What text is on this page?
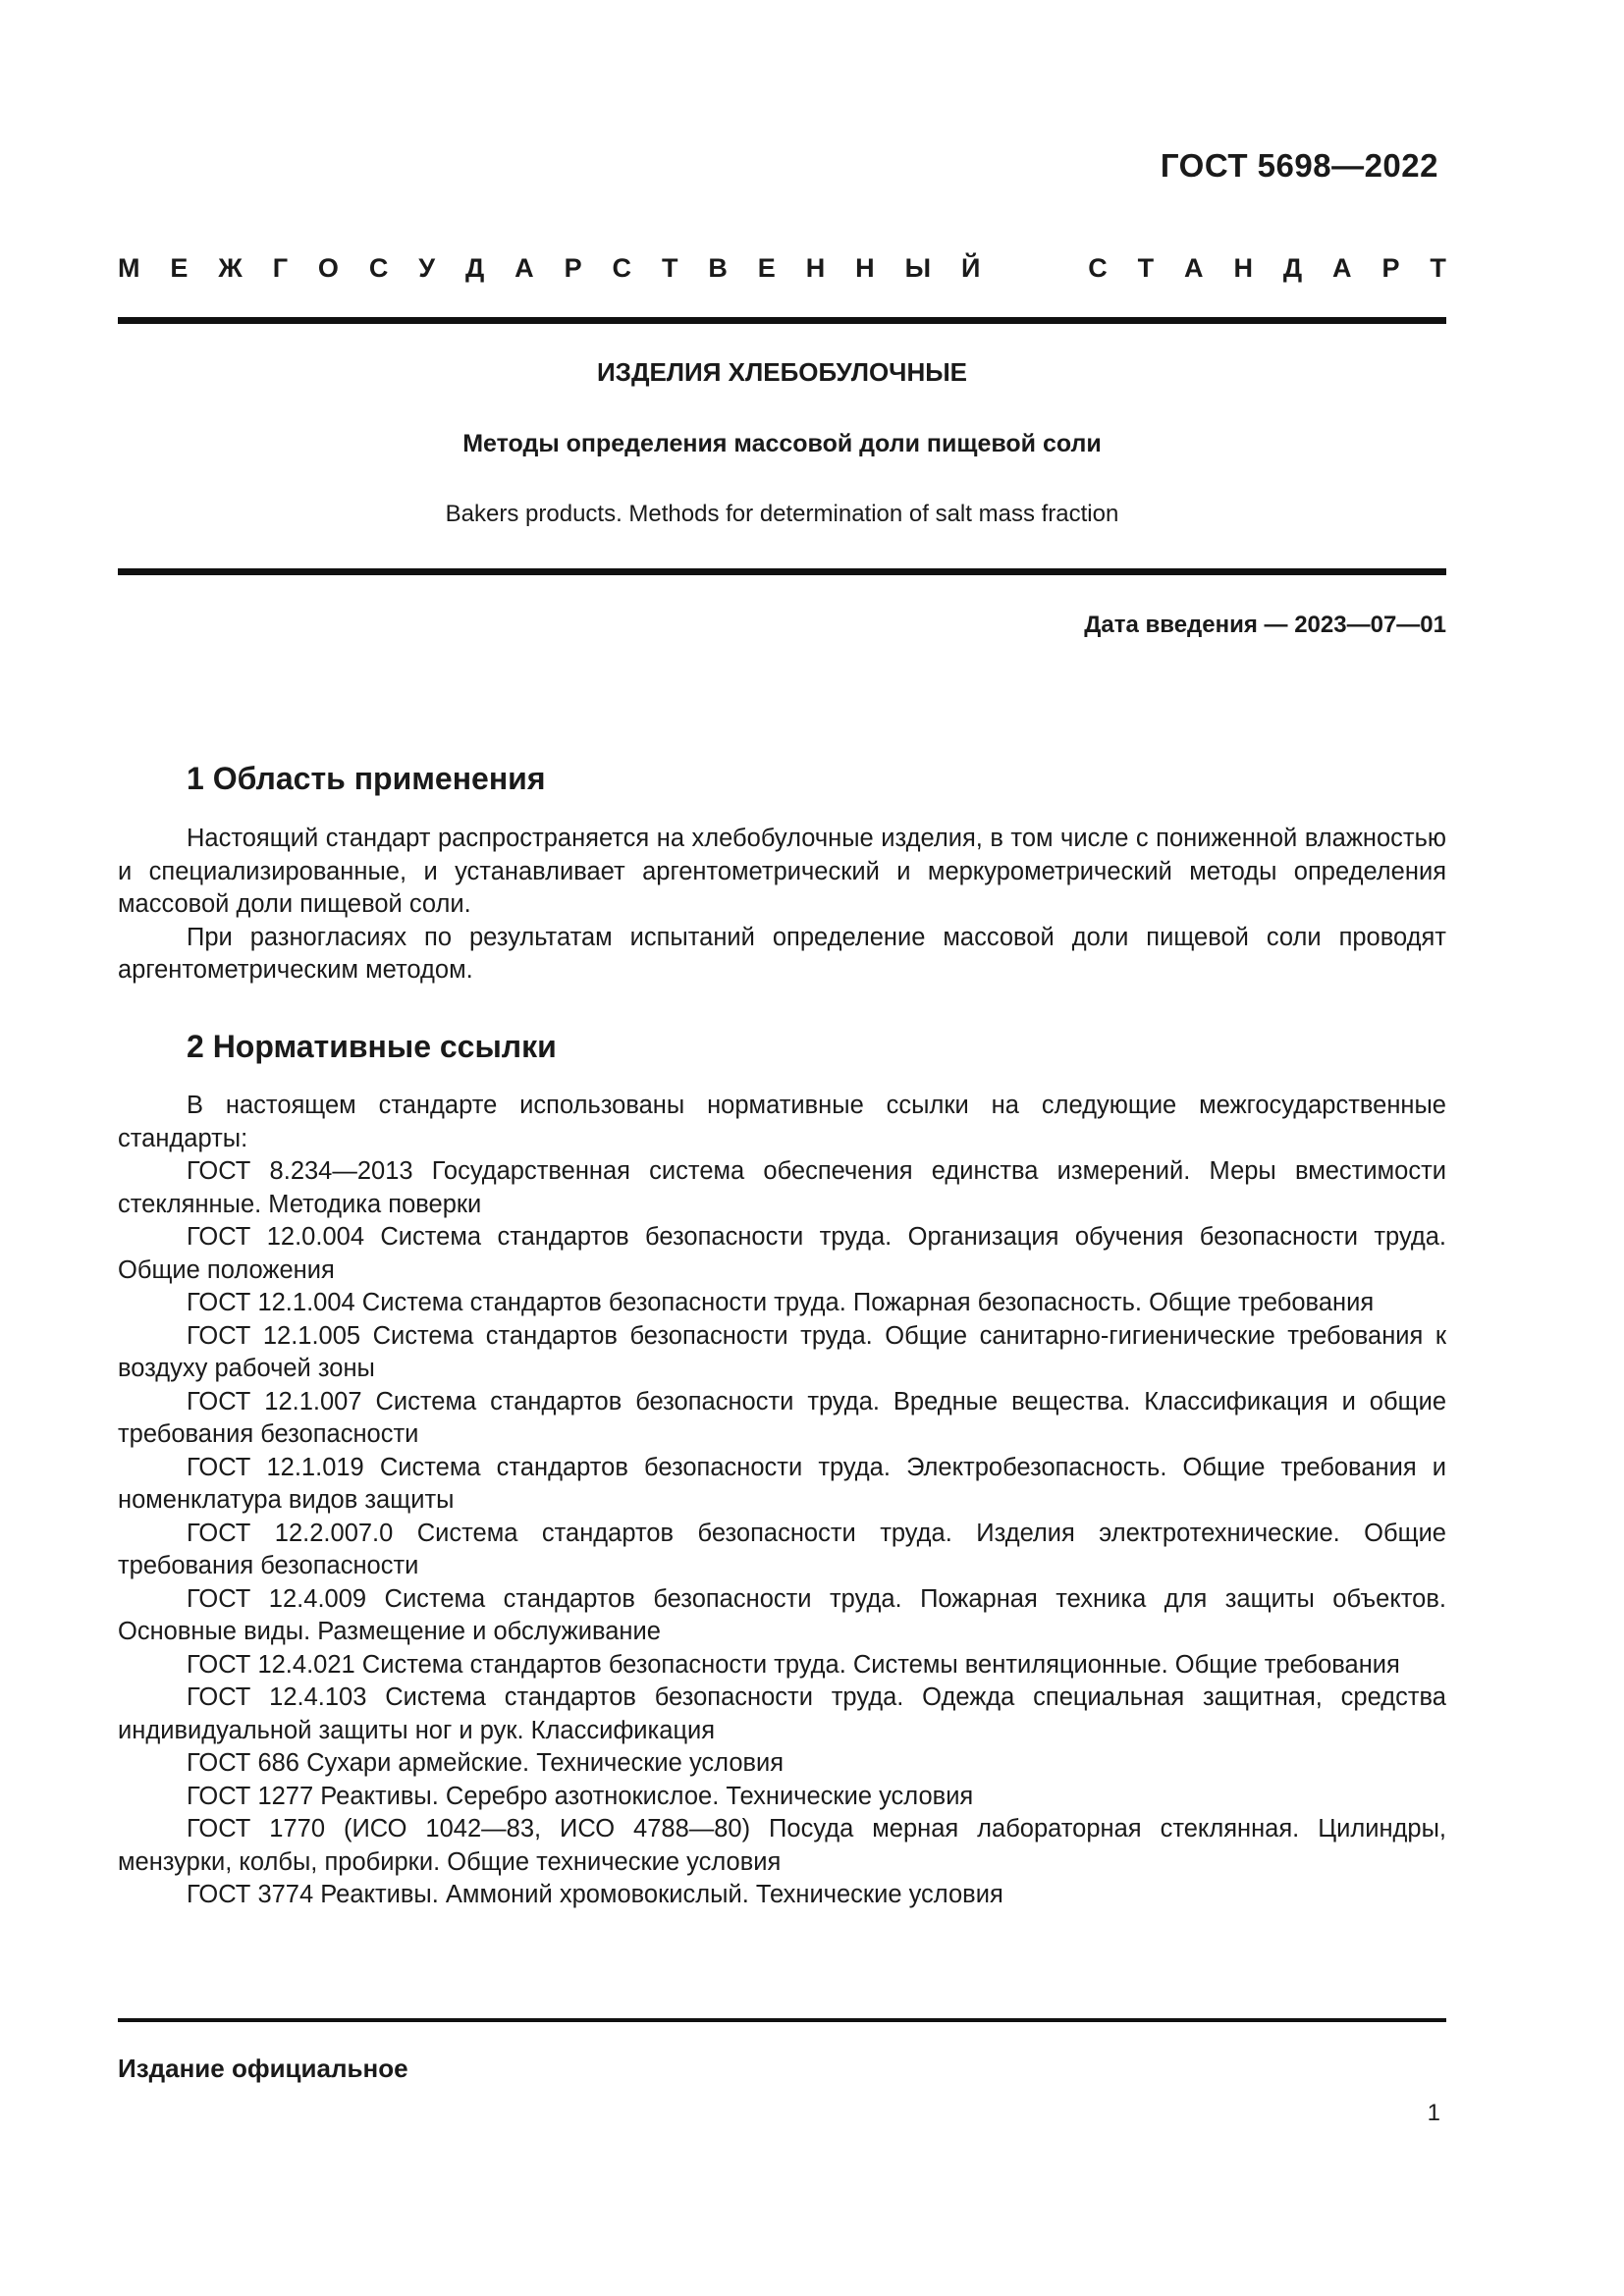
ГОСТ 5698—2022
М Е Ж Г О С У Д А Р С Т В Е Н Н Ы Й	С Т А Н Д А Р Т
ИЗДЕЛИЯ ХЛЕБОБУЛОЧНЫЕ
Методы определения массовой доли пищевой соли
Bakers products. Methods for determination of salt mass fraction
Дата введения — 2023—07—01
1 Область применения

Настоящий стандарт распространяется на хлебобулочные изделия, в том числе с пониженной влажностью и специализированные, и устанавливает аргентометрический и меркурометрический методы определения массовой доли пищевой соли.

При разногласиях по результатам испытаний определение массовой доли пищевой соли проводят аргентометрическим методом.

2 Нормативные ссылки

В настоящем стандарте использованы нормативные ссылки на следующие межгосударственные стандарты:

ГОСТ 8.234—2013 Государственная система обеспечения единства измерений. Меры вместимости стеклянные. Методика поверки

ГОСТ 12.0.004 Система стандартов безопасности труда. Организация обучения безопасности труда. Общие положения

ГОСТ 12.1.004 Система стандартов безопасности труда. Пожарная безопасность. Общие требования

ГОСТ 12.1.005 Система стандартов безопасности труда. Общие санитарно-гигиенические требования к воздуху рабочей зоны

ГОСТ 12.1.007 Система стандартов безопасности труда. Вредные вещества. Классификация и общие требования безопасности

ГОСТ 12.1.019 Система стандартов безопасности труда. Электробезопасность. Общие требования и номенклатура видов защиты

ГОСТ 12.2.007.0 Система стандартов безопасности труда. Изделия электротехнические. Общие требования безопасности

ГОСТ 12.4.009 Система стандартов безопасности труда. Пожарная техника для защиты объектов. Основные виды. Размещение и обслуживание

ГОСТ 12.4.021 Система стандартов безопасности труда. Системы вентиляционные. Общие требования

ГОСТ 12.4.103 Система стандартов безопасности труда. Одежда специальная защитная, средства индивидуальной защиты ног и рук. Классификация

ГОСТ 686 Сухари армейские. Технические условия

ГОСТ 1277 Реактивы. Серебро азотнокислое. Технические условия

ГОСТ 1770 (ИСО 1042—83, ИСО 4788—80) Посуда мерная лабораторная стеклянная. Цилиндры, мензурки, колбы, пробирки. Общие технические условия

ГОСТ 3774 Реактивы. Аммоний хромовокислый. Технические условия

Издание официальное
1
